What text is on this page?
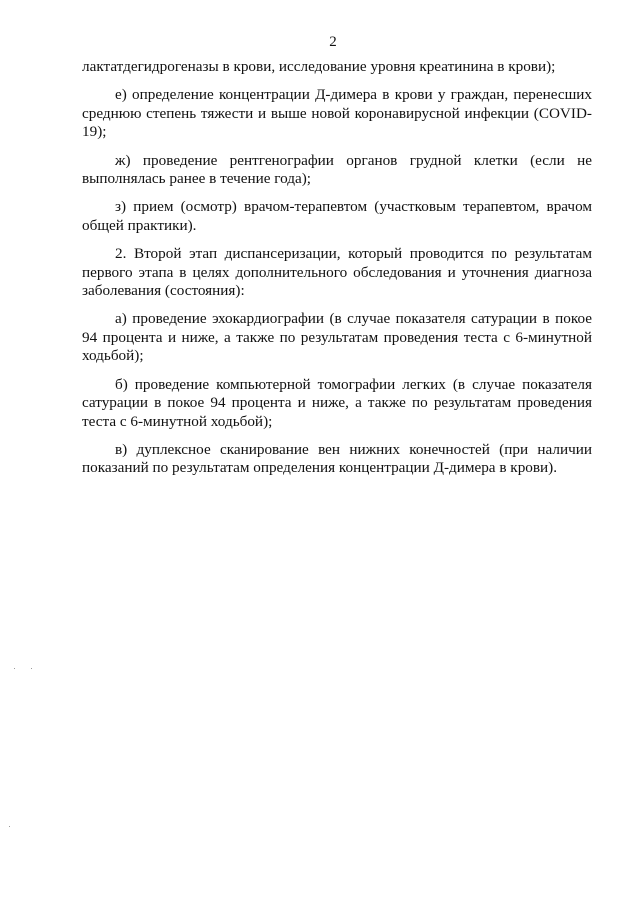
2

лактатдегидрогеназы в крови, исследование уровня креатинина в крови);

е) определение концентрации Д-димера в крови у граждан, перенесших среднюю степень тяжести и выше новой коронавирусной инфекции (COVID-19);

ж) проведение рентгенографии органов грудной клетки (если не выполнялась ранее в течение года);

з) прием (осмотр) врачом-терапевтом (участковым терапевтом, врачом общей практики).

2. Второй этап диспансеризации, который проводится по результатам первого этапа в целях дополнительного обследования и уточнения диагноза заболевания (состояния):

а) проведение эхокардиографии (в случае показателя сатурации в покое 94 процента и ниже, а также по результатам проведения теста с 6-минутной ходьбой);

б) проведение компьютерной томографии легких (в случае показателя сатурации в покое 94 процента и ниже, а также по результатам проведения теста с 6-минутной ходьбой);

в) дуплексное сканирование вен нижних конечностей (при наличии показаний по результатам определения концентрации Д-димера в крови).
